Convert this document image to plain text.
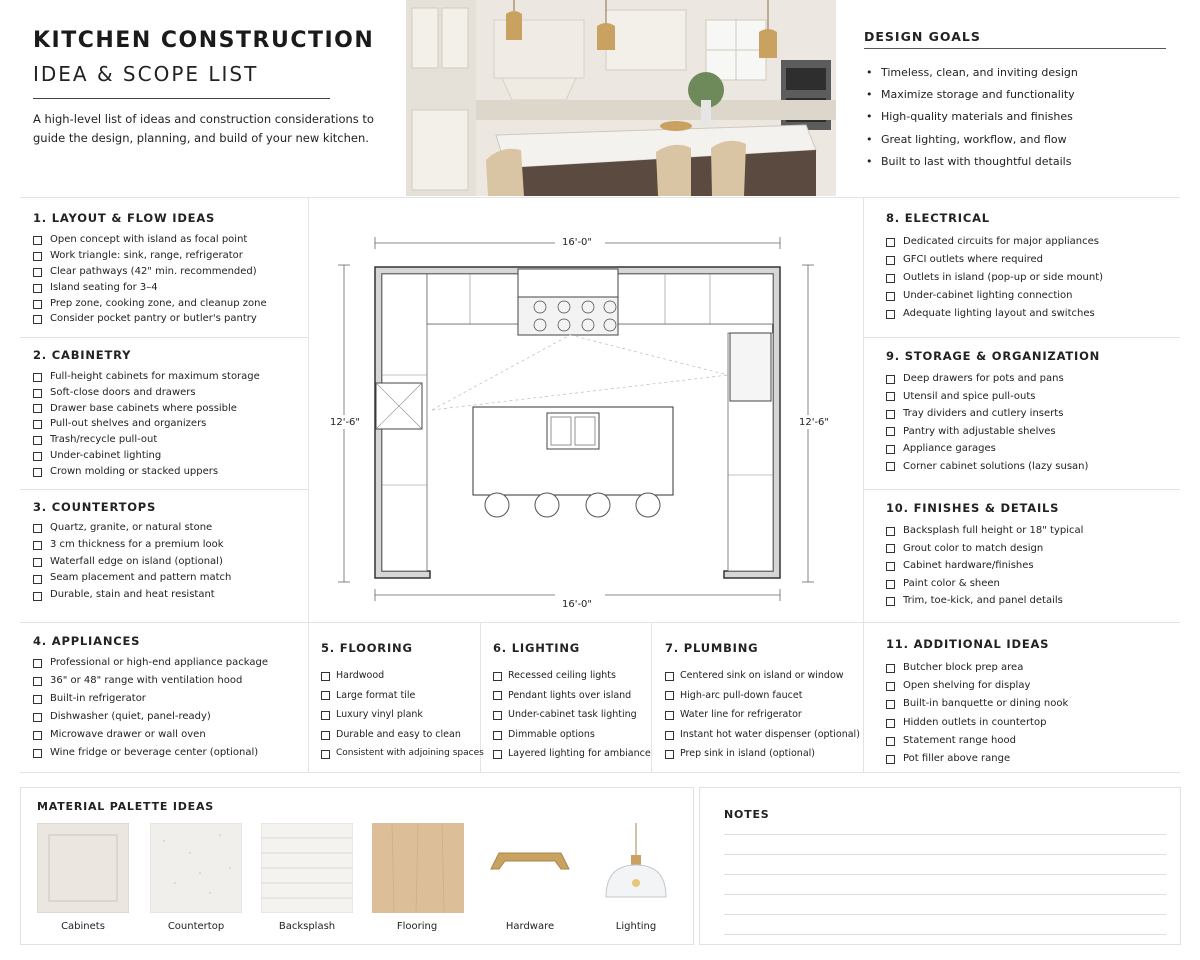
KITCHEN CONSTRUCTION
IDEA & SCOPE LIST
A high-level list of ideas and construction considerations to guide the design, planning, and build of your new kitchen.
DESIGN GOALS
• Timeless, clean, and inviting design
• Maximize storage and functionality
• High-quality materials and finishes
• Great lighting, workflow, and flow
• Built to last with thoughtful details
1. LAYOUT & FLOW IDEAS
Open concept with island as focal point
Work triangle: sink, range, refrigerator
Clear pathways (42" min. recommended)
Island seating for 3–4
Prep zone, cooking zone, and cleanup zone
Consider pocket pantry or butler's pantry
2. CABINETRY
Full-height cabinets for maximum storage
Soft-close doors and drawers
Drawer base cabinets where possible
Pull-out shelves and organizers
Trash/recycle pull-out
Under-cabinet lighting
Crown molding or stacked uppers
3. COUNTERTOPS
Quartz, granite, or natural stone
3 cm thickness for a premium look
Waterfall edge on island (optional)
Seam placement and pattern match
Durable, stain and heat resistant
4. APPLIANCES
Professional or high-end appliance package
36" or 48" range with ventilation hood
Built-in refrigerator
Dishwasher (quiet, panel-ready)
Microwave drawer or wall oven
Wine fridge or beverage center (optional)
5. FLOORING
Hardwood
Large format tile
Luxury vinyl plank
Durable and easy to clean
Consistent with adjoining spaces
6. LIGHTING
Recessed ceiling lights
Pendant lights over island
Under-cabinet task lighting
Dimmable options
Layered lighting for ambiance
7. PLUMBING
Centered sink on island or window
High-arc pull-down faucet
Water line for refrigerator
Instant hot water dispenser (optional)
Prep sink in island (optional)
8. ELECTRICAL
Dedicated circuits for major appliances
GFCI outlets where required
Outlets in island (pop-up or side mount)
Under-cabinet lighting connection
Adequate lighting layout and switches
9. STORAGE & ORGANIZATION
Deep drawers for pots and pans
Utensil and spice pull-outs
Tray dividers and cutlery inserts
Pantry with adjustable shelves
Appliance garages
Corner cabinet solutions (lazy susan)
10. FINISHES & DETAILS
Backsplash full height or 18" typical
Grout color to match design
Cabinet hardware/finishes
Paint color & sheen
Trim, toe-kick, and panel details
11. ADDITIONAL IDEAS
Butcher block prep area
Open shelving for display
Built-in banquette or dining nook
Hidden outlets in countertop
Statement range hood
Pot filler above range
16'-0"
16'-0"
12'-6"	12'-6"
MATERIAL PALETTE IDEAS
Cabinets	Countertop	Backsplash	Flooring	Hardware	Lighting
NOTES
